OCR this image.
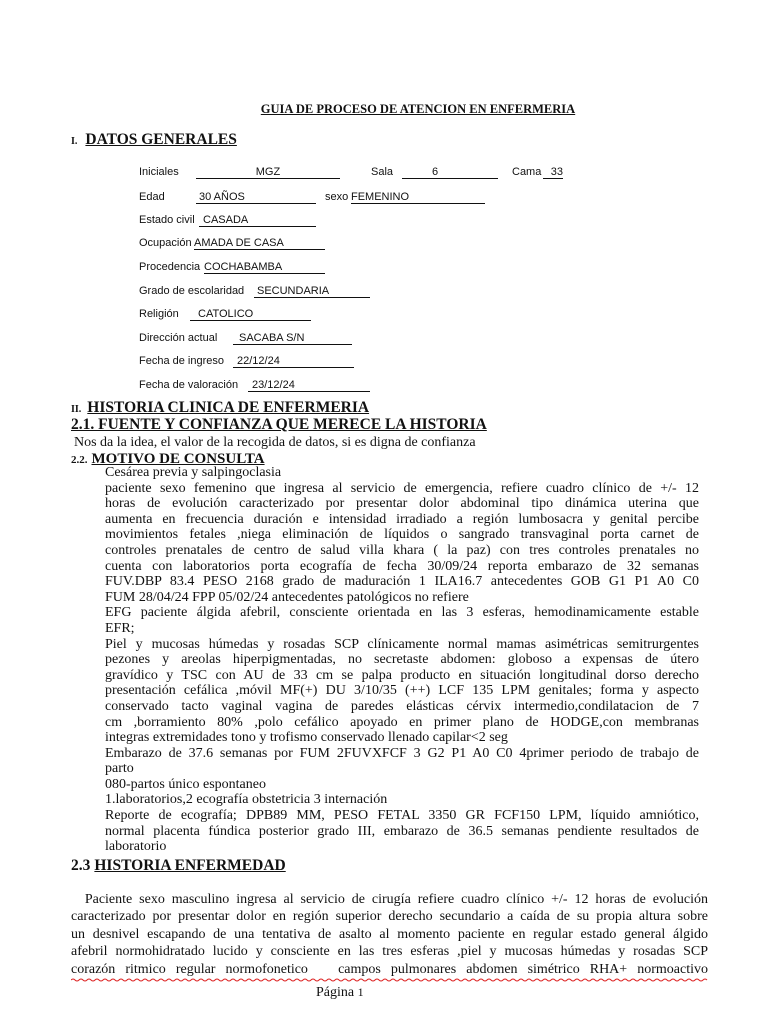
GUIA DE PROCESO DE ATENCION EN ENFERMERIA
I. DATOS GENERALES
Iniciales	MGZ	Sala	6	Cama 33
Edad	30 AÑOS	sexo FEMENINO
Estado civil CASADA
Ocupación AMADA DE CASA
Procedencia COCHABAMBA
Grado de escolaridad SECUNDARIA
Religión	CATOLICO
Dirección actual	SACABA S/N
Fecha de ingreso	22/12/24
Fecha de valoración	23/12/24
II. HISTORIA CLINICA DE ENFERMERIA
2.1. FUENTE Y CONFIANZA QUE MERECE LA HISTORIA
Nos da la idea, el valor de la recogida de datos, si es digna de confianza
2.2. MOTIVO DE CONSULTA
Cesárea previa y salpingoclasia
paciente sexo femenino que ingresa al servicio de emergencia, refiere cuadro clínico de +/- 12
horas de evolución caracterizado por presentar dolor abdominal tipo dinámica uterina que
aumenta en frecuencia duración e intensidad irradiado a región lumbosacra y genital percibe
movimientos fetales ,niega eliminación de líquidos o sangrado transvaginal porta carnet de
controles prenatales de centro de salud villa khara ( la paz) con tres controles prenatales no
cuenta con laboratorios porta ecografía de fecha 30/09/24 reporta embarazo de 32 semanas
FUV.DBP 83.4 PESO 2168 grado de maduración 1 ILA16.7 antecedentes GOB G1 P1 A0 C0
FUM 28/04/24 FPP 05/02/24 antecedentes patológicos no refiere
EFG paciente álgida afebril, consciente orientada en las 3 esferas, hemodinamicamente estable
EFR;
Piel y mucosas húmedas y rosadas SCP clínicamente normal mamas asimétricas semitrurgentes
pezones y areolas hiperpigmentadas, no secretaste abdomen: globoso a expensas de útero
gravídico y TSC con AU de 33 cm se palpa producto en situación longitudinal dorso derecho
presentación cefálica ,móvil MF(+) DU 3/10/35 (++) LCF 135 LPM genitales; forma y aspecto
conservado tacto vaginal vagina de paredes elásticas cérvix intermedio,condilatacion de 7
cm ,borramiento 80% ,polo cefálico apoyado en primer plano de HODGE,con membranas
integras extremidades tono y trofismo conservado llenado capilar<2 seg
Embarazo de 37.6 semanas por FUM 2FUVXFCF 3 G2 P1 A0 C0 4primer periodo de trabajo de
parto
080-partos único espontaneo
1.laboratorios,2 ecografía obstetricia 3 internación
Reporte de ecografía; DPB89 MM, PESO FETAL 3350 GR FCF150 LPM, líquido amniótico,
normal placenta fúndica posterior grado III, embarazo de 36.5 semanas pendiente resultados de
laboratorio
2.3 HISTORIA ENFERMEDAD
Paciente sexo masculino ingresa al servicio de cirugía refiere cuadro clínico +/- 12 horas de evolución
caracterizado por presentar dolor en región superior derecho secundario a caída de su propia altura sobre
un desnivel escapando de una tentativa de asalto al momento paciente en regular estado general álgido
afebril normohidratado lucido y consciente en las tres esferas ,piel y mucosas húmedas y rosadas SCP
corazón ritmico regular normofonetico   campos pulmonares abdomen simétrico RHA+ normoactivo
Página 1
